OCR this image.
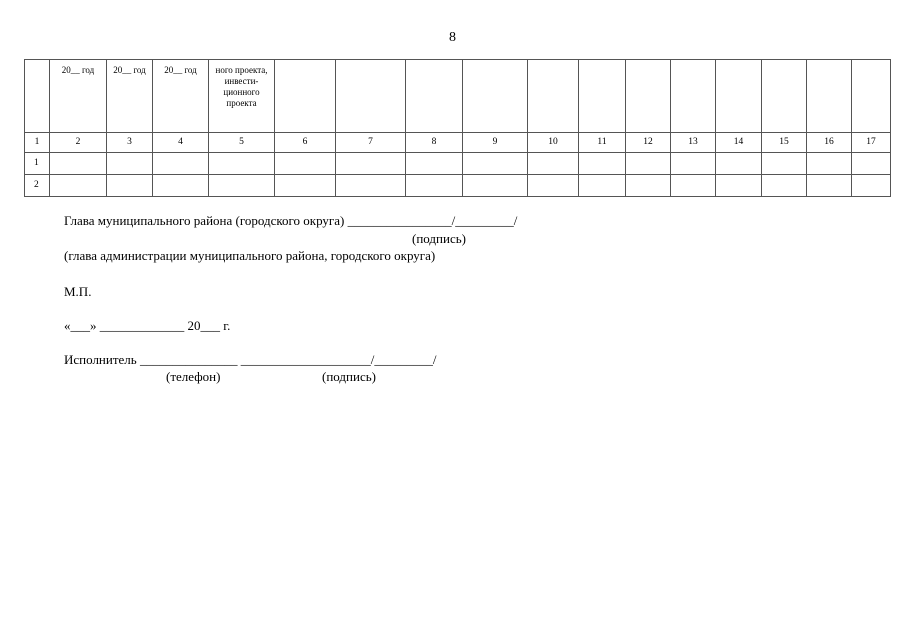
8
	20__ год	20__ год	20__ год	ного проекта, инвести-ционного проекта												
1	2	3	4	5	6	7	8	9	10	11	12	13	14	15	16	17
1																
2																
Глава муниципального района (городского округа) ________________/_________/
(подпись)
(глава администрации муниципального района, городского округа)
М.П.
«___» _____________ 20___ г.
Исполнитель _______________ ____________________/_________/
(телефон)	(подпись)
